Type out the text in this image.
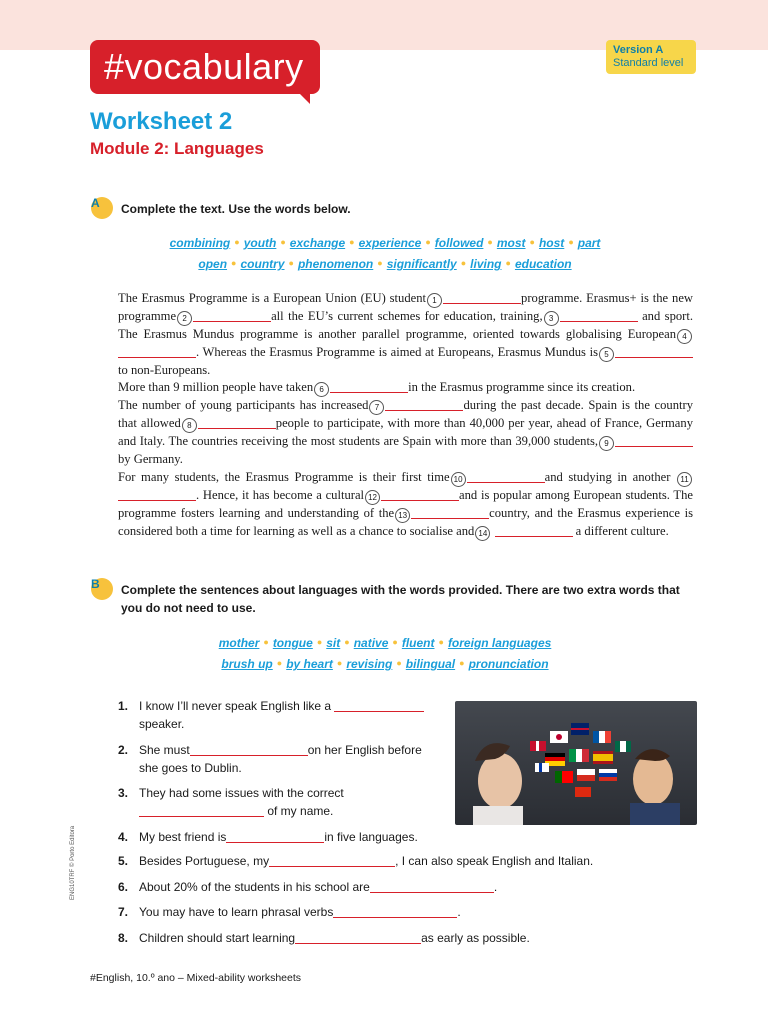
#vocabulary	Version A
Standard level
Worksheet 2
Module 2: Languages
A Complete the text. Use the words below.
combining ● youth ● exchange ● experience ● followed ● most ● host ● part
open ● country ● phenomenon ● significantly ● living ● education
The Erasmus Programme is a European Union (EU) student 1	programme. Erasmus+ is the new programme 2	all the EU’s current schemes for education, training, 3	and sport. The Erasmus Mundus programme is another parallel programme, oriented towards globalising European 4. Whereas the Erasmus Programme is aimed at Europeans, Erasmus Mundus is 5to non-Europeans.
More than 9 million people have taken 6	in the Erasmus programme since its creation.
The number of young participants has increased 7	during the past decade. Spain is the country that allowed 8	people to participate, with more than 40,000 per year, ahead of France, Germany and Italy. The countries receiving the most students are Spain with more than 39,000 students, 9by Germany.
For many students, the Erasmus Programme is their first time 10	and studying in another 11. Hence, it has become a cultural 12	and is popular among European students. The programme fosters learning and understanding of the 13	country, and the Erasmus experience is considered both a time for learning as well as a chance to socialise and 14	a different culture.
B Complete the sentences about languages with the words provided. There are two extra words that you do not need to use.
mother ● tongue ● sit ● native ● fluent ● foreign languages
brush up ● by heart ● revising ● bilingual ● pronunciation
1. I know I’ll never speak English like a
speaker.
2. She must	on her English before
she goes to Dublin.
3. They had some issues with the correct
of my name.
4. My best friend is	in five languages.
5. Besides Portuguese, my	, I can also speak English and Italian.
6. About 20% of the students in his school are	.
7. You may have to learn phrasal verbs	.
8. Children should start learning	as early as possible.
ENG10TRF © Porto Editora
#English, 10.º ano – Mixed-ability worksheets
